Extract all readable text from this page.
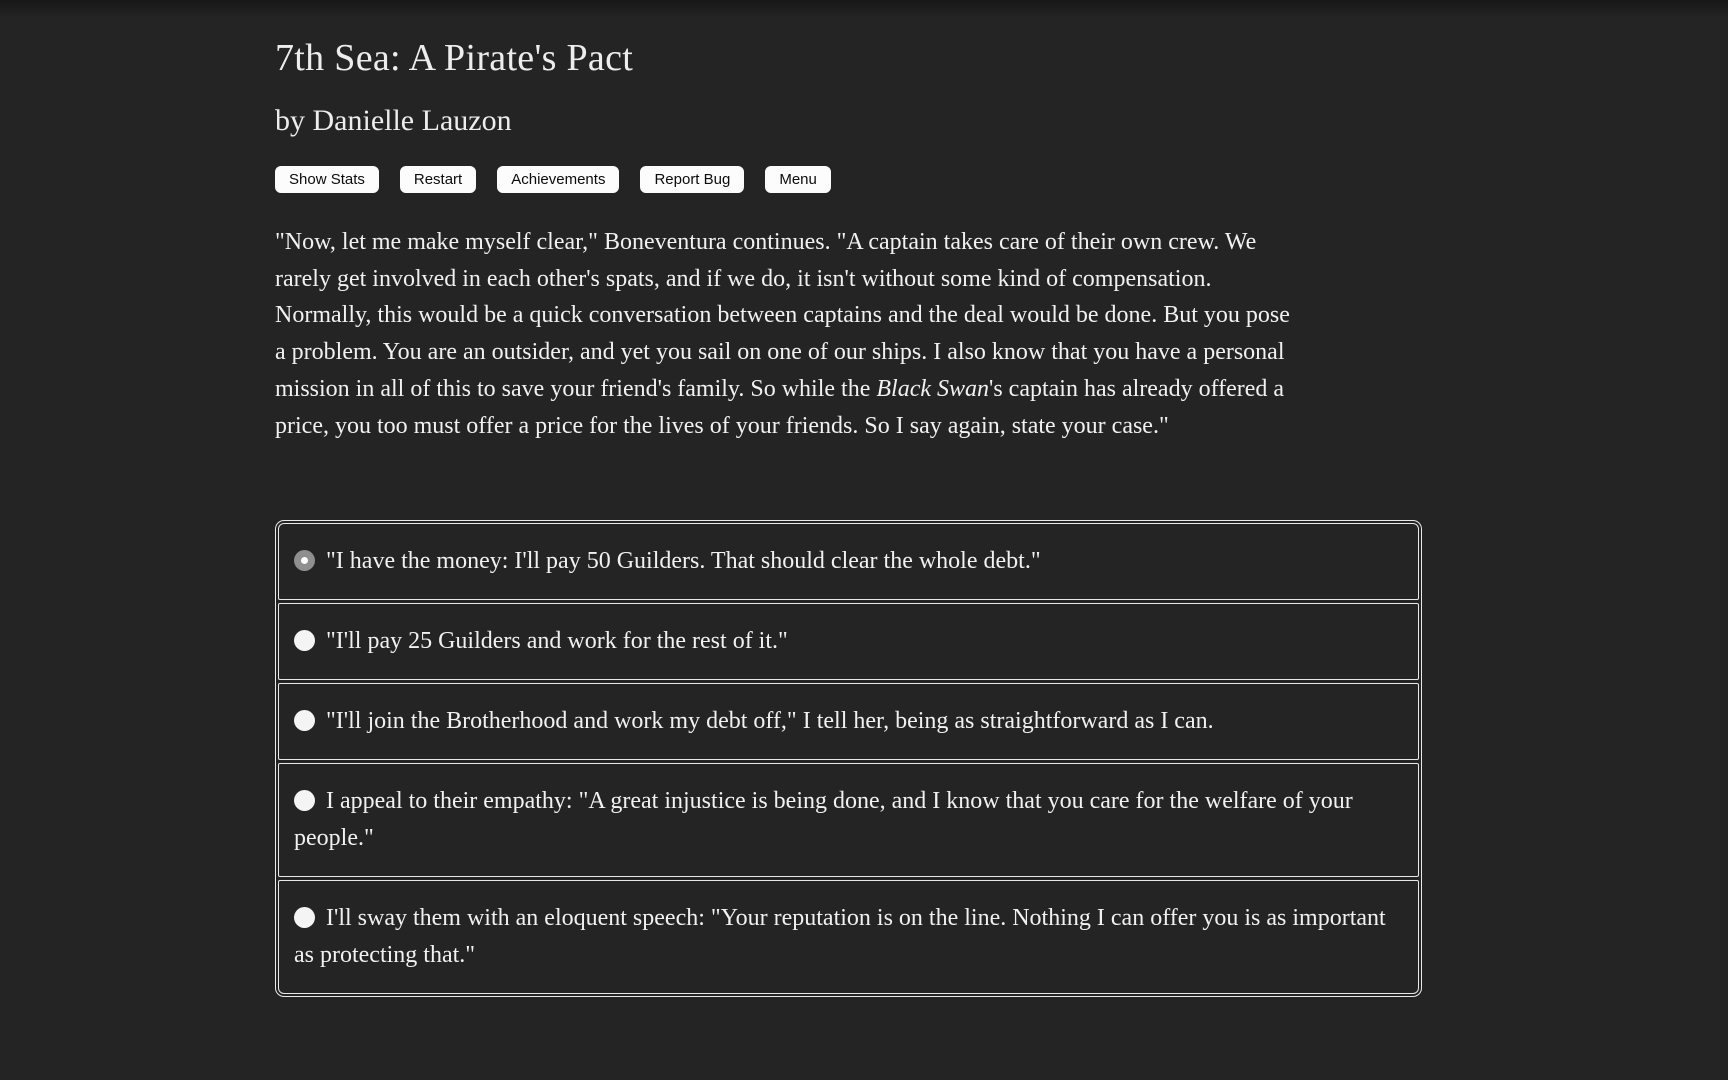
7th Sea: A Pirate's Pact
by Danielle Lauzon
Show Stats	Restart	Achievements	Report Bug	Menu

"Now, let me make myself clear," Boneventura continues. "A captain takes care of their own crew. We rarely get involved in each other's spats, and if we do, it isn't without some kind of compensation. Normally, this would be a quick conversation between captains and the deal would be done. But you pose a problem. You are an outsider, and yet you sail on one of our ships. I also know that you have a personal mission in all of this to save your friend's family. So while the Black Swan's captain has already offered a price, you too must offer a price for the lives of your friends. So I say again, state your case."

"I have the money: I'll pay 50 Guilders. That should clear the whole debt."
"I'll pay 25 Guilders and work for the rest of it."
"I'll join the Brotherhood and work my debt off," I tell her, being as straightforward as I can.
I appeal to their empathy: "A great injustice is being done, and I know that you care for the welfare of your people."
I'll sway them with an eloquent speech: "Your reputation is on the line. Nothing I can offer you is as important as protecting that."
